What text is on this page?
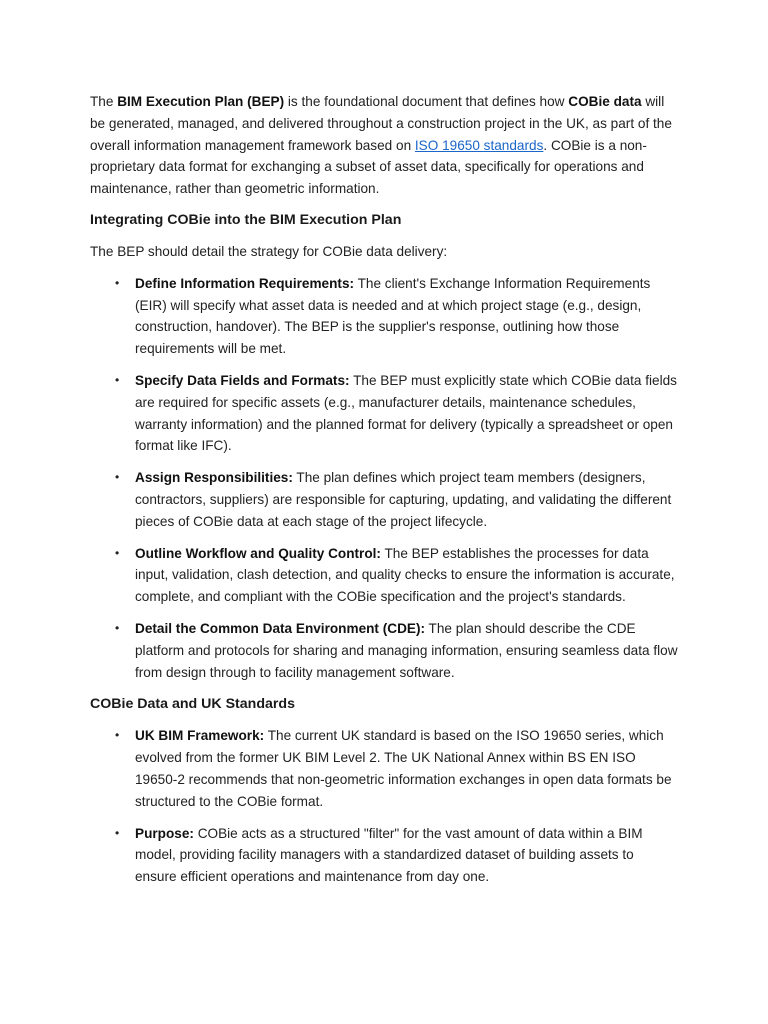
The BIM Execution Plan (BEP) is the foundational document that defines how COBie data will be generated, managed, and delivered throughout a construction project in the UK, as part of the overall information management framework based on ISO 19650 standards. COBie is a non-proprietary data format for exchanging a subset of asset data, specifically for operations and maintenance, rather than geometric information.

Integrating COBie into the BIM Execution Plan

The BEP should detail the strategy for COBie data delivery:

• Define Information Requirements: The client's Exchange Information Requirements (EIR) will specify what asset data is needed and at which project stage (e.g., design, construction, handover). The BEP is the supplier's response, outlining how those requirements will be met.
• Specify Data Fields and Formats: The BEP must explicitly state which COBie data fields are required for specific assets (e.g., manufacturer details, maintenance schedules, warranty information) and the planned format for delivery (typically a spreadsheet or open format like IFC).
• Assign Responsibilities: The plan defines which project team members (designers, contractors, suppliers) are responsible for capturing, updating, and validating the different pieces of COBie data at each stage of the project lifecycle.
• Outline Workflow and Quality Control: The BEP establishes the processes for data input, validation, clash detection, and quality checks to ensure the information is accurate, complete, and compliant with the COBie specification and the project's standards.
• Detail the Common Data Environment (CDE): The plan should describe the CDE platform and protocols for sharing and managing information, ensuring seamless data flow from design through to facility management software.
COBie Data and UK Standards
• UK BIM Framework: The current UK standard is based on the ISO 19650 series, which evolved from the former UK BIM Level 2. The UK National Annex within BS EN ISO 19650-2 recommends that non-geometric information exchanges in open data formats be structured to the COBie format.
• Purpose: COBie acts as a structured "filter" for the vast amount of data within a BIM model, providing facility managers with a standardized dataset of building assets to ensure efficient operations and maintenance from day one.
